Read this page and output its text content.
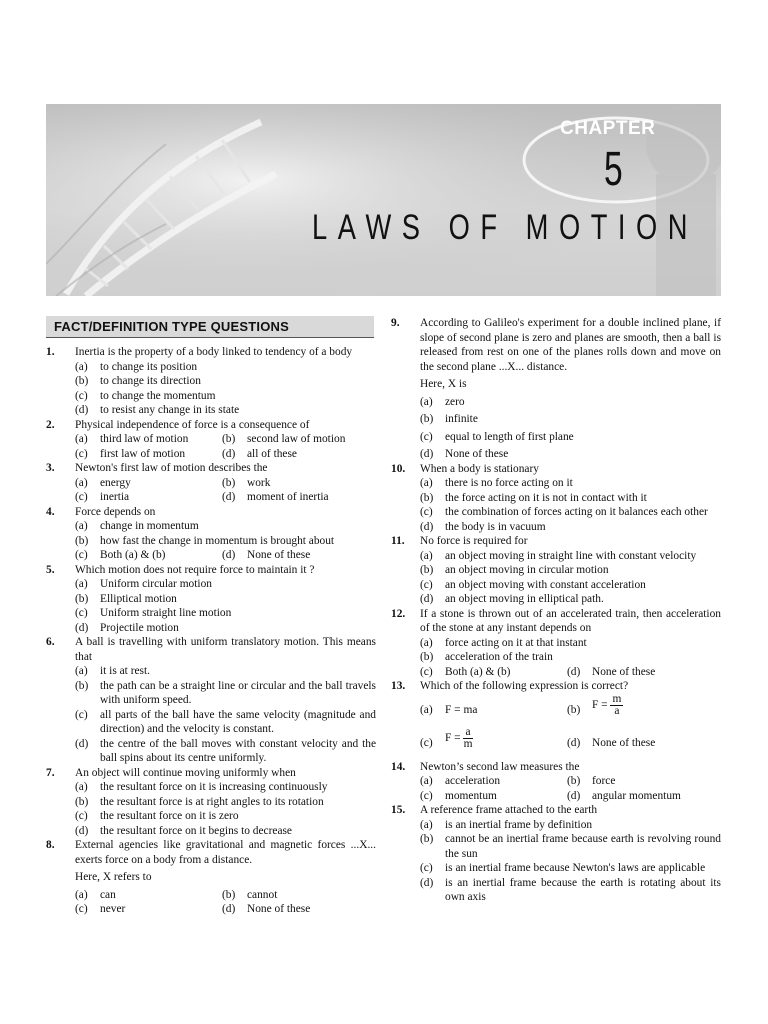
CHAPTER
5
LAWS OF MOTION
FACT/DEFINITION TYPE QUESTIONS
1. Inertia is the property of a body linked to tendency of a body
(a) to change its position
(b) to change its direction
(c) to change the momentum
(d) to resist any change in its state
2. Physical independence of force is a consequence of
(a) third law of motion	(b) second law of motion
(c) first law of motion	(d) all of these
3. Newton's first law of motion describes the
(a) energy	(b) work
(c) inertia	(d) moment of inertia
4. Force depends on
(a) change in momentum
(b) how fast the change in momentum is brought about
(c) Both (a) & (b)	(d) None of these
5. Which motion does not require force to maintain it ?
(a) Uniform circular motion
(b) Elliptical motion
(c) Uniform straight line motion
(d) Projectile motion
6. A ball is travelling with uniform translatory motion. This means that
(a) it is at rest.
(b) the path can be a straight line or circular and the ball travels with uniform speed.
(c) all parts of the ball have the same velocity (magnitude and direction) and the velocity is constant.
(d) the centre of the ball moves with constant velocity and the ball spins about its centre uniformly.
7. An object will continue moving uniformly when
(a) the resultant force on it is increasing continuously
(b) the resultant force is at right angles to its rotation
(c) the resultant force on it is zero
(d) the resultant force on it begins to decrease
8. External agencies like gravitational and magnetic forces ...X... exerts force on a body from a distance.
Here, X refers to
(a) can	(b) cannot
(c) never	(d) None of these
9. According to Galileo's experiment for a double inclined plane, if slope of second plane is zero and planes are smooth, then a ball is released from rest on one of the planes rolls down and move on the second plane ...X... distance.
Here, X is
(a) zero
(b) infinite
(c) equal to length of first plane
(d) None of these
10. When a body is stationary
(a) there is no force acting on it
(b) the force acting on it is not in contact with it
(c) the combination of forces acting on it balances each other
(d) the body is in vacuum
11. No force is required for
(a) an object moving in straight line with constant velocity
(b) an object moving in circular motion
(c) an object moving with constant acceleration
(d) an object moving in elliptical path.
12. If a stone is thrown out of an accelerated train, then acceleration of the stone at any instant depends on
(a) force acting on it at that instant
(b) acceleration of the train
(c) Both (a) & (b)	(d) None of these
13. Which of the following expression is correct?
(a) F = ma	(b) $F = \frac{m}{a}$
(c) $F = \frac{a}{m}$	(d) None of these
14. Newton’s second law measures the
(a) acceleration	(b) force
(c) momentum	(d) angular momentum
15. A reference frame attached to the earth
(a) is an inertial frame by definition
(b) cannot be an inertial frame because earth is revolving round the sun
(c) is an inertial frame because Newton's laws are applicable
(d) is an inertial frame because the earth is rotating about its own axis
